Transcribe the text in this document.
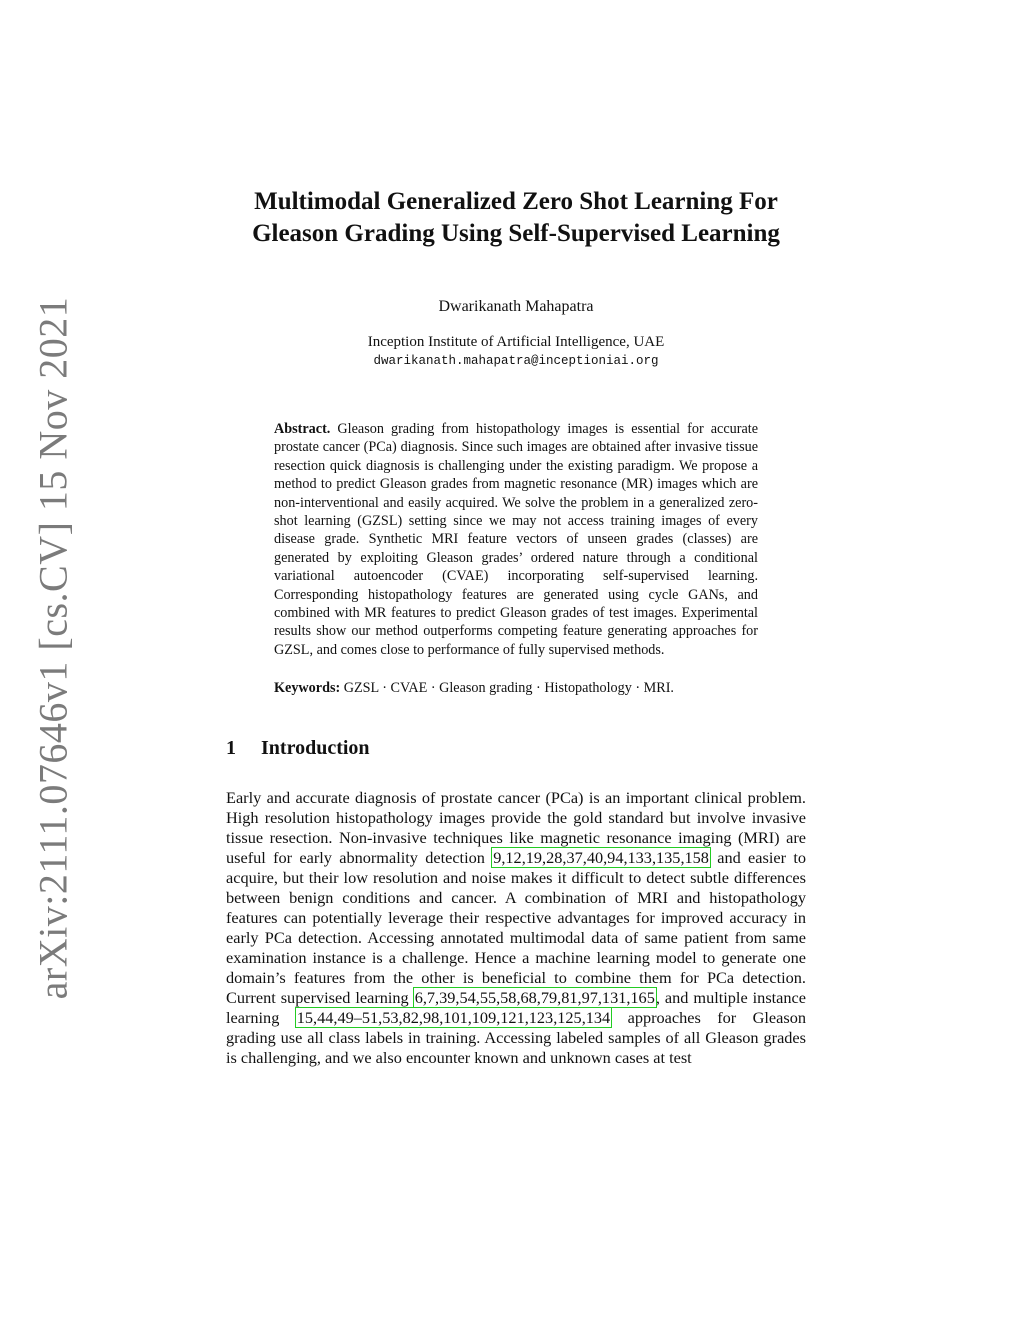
arXiv:2111.07646v1 [cs.CV] 15 Nov 2021
Multimodal Generalized Zero Shot Learning For
Gleason Grading Using Self-Supervised Learning
Dwarikanath Mahapatra
Inception Institute of Artificial Intelligence, UAE
dwarikanath.mahapatra@inceptioniai.org
Abstract. Gleason grading from histopathology images is essential for accurate prostate cancer (PCa) diagnosis. Since such images are obtained after invasive tissue resection quick diagnosis is challenging under the existing paradigm. We propose a method to predict Gleason grades from magnetic resonance (MR) images which are non-interventional and easily acquired. We solve the problem in a generalized zero-shot learning (GZSL) setting since we may not access training images of every disease grade. Synthetic MRI feature vectors of unseen grades (classes) are generated by exploiting Gleason grades’ ordered nature through a conditional variational autoencoder (CVAE) incorporating self-supervised learning. Corresponding histopathology features are generated using cycle GANs, and combined with MR features to predict Gleason grades of test images. Experimental results show our method outperforms competing feature generating approaches for GZSL, and comes close to performance of fully supervised methods.
Keywords: GZSL · CVAE · Gleason grading · Histopathology · MRI.
1 Introduction
Early and accurate diagnosis of prostate cancer (PCa) is an important clinical problem. High resolution histopathology images provide the gold standard but involve invasive tissue resection. Non-invasive techniques like magnetic resonance imaging (MRI) are useful for early abnormality detection 9,12,19,28,37,40,94,133,135,158 and easier to acquire, but their low resolution and noise makes it difficult to detect subtle differences between benign conditions and cancer. A combination of MRI and histopathology features can potentially leverage their respective advantages for improved accuracy in early PCa detection. Accessing annotated multimodal data of same patient from same examination instance is a challenge. Hence a machine learning model to generate one domain’s features from the other is beneficial to combine them for PCa detection. Current supervised learning 6,7,39,54,55,58,68,79,81,97,131,165, and multiple instance learning 15,44,49–51,53,82,98,101,109,121,123,125,134 approaches for Gleason grading use all class labels in training. Accessing labeled samples of all Gleason grades is challenging, and we also encounter known and unknown cases at test
